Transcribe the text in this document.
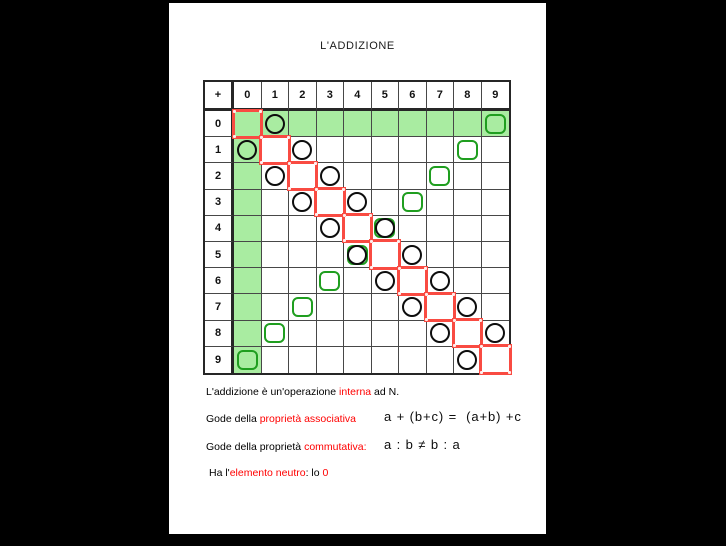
L'ADDIZIONE
+	0	1	2	3	4	5	6	7	8	9
0
1
2
3
4
5
6
7
8
9
L'addizione è un'operazione interna ad N.
Gode della proprietà associativa a + (b+c) =  (a+b) +c
Gode della proprietà commutativa: a : b ≠ b : a
Ha l'elemento neutro: lo 0
